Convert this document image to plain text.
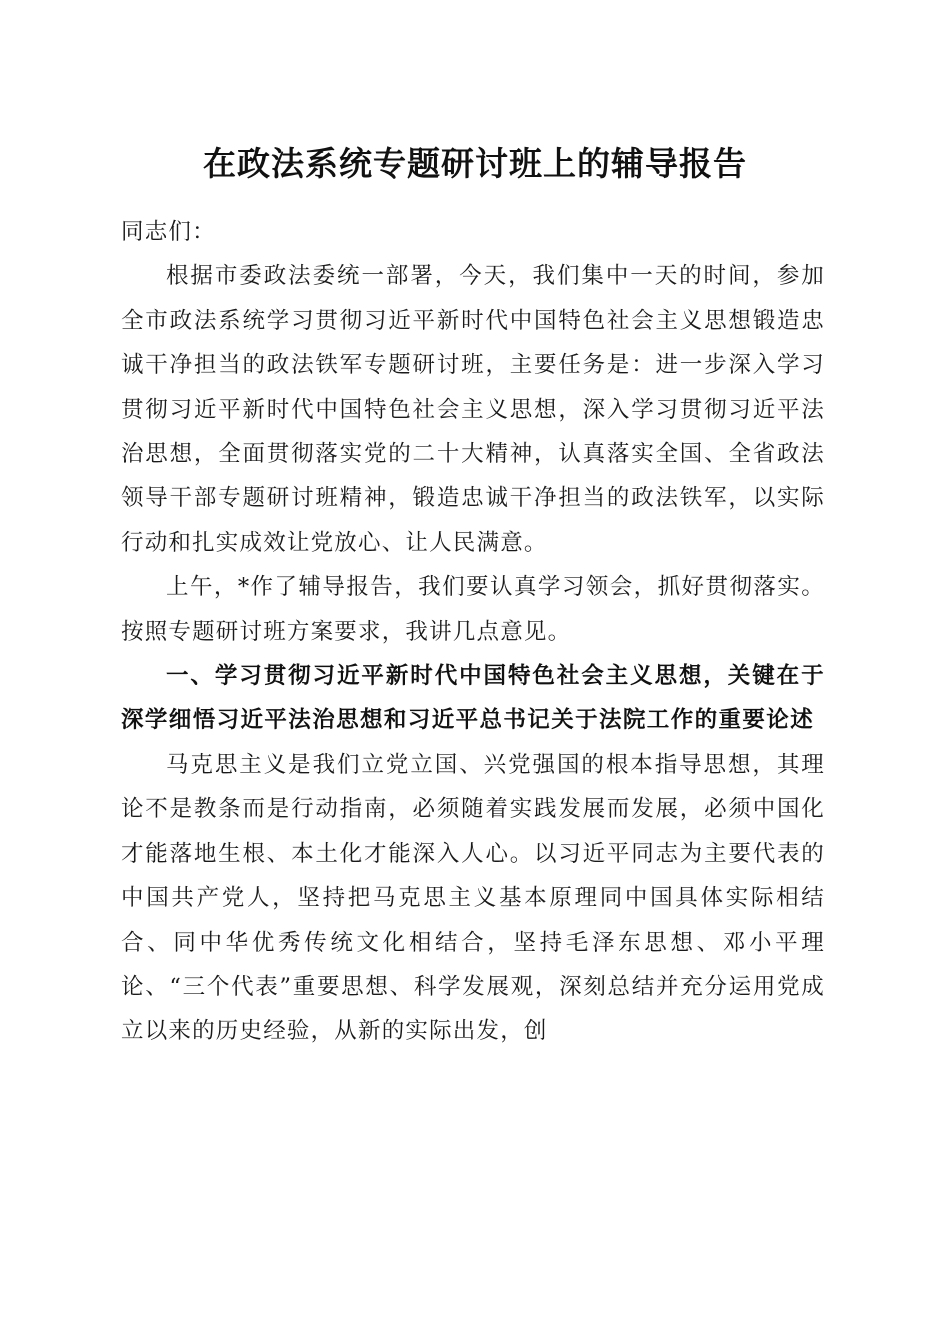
在政法系统专题研讨班上的辅导报告

同志们：

根据市委政法委统一部署，今天，我们集中一天的时间，参加全市政法系统学习贯彻习近平新时代中国特色社会主义思想锻造忠诚干净担当的政法铁军专题研讨班，主要任务是：进一步深入学习贯彻习近平新时代中国特色社会主义思想，深入学习贯彻习近平法治思想，全面贯彻落实党的二十大精神，认真落实全国、全省政法领导干部专题研讨班精神，锻造忠诚干净担当的政法铁军，以实际行动和扎实成效让党放心、让人民满意。

上午，*作了辅导报告，我们要认真学习领会，抓好贯彻落实。按照专题研讨班方案要求，我讲几点意见。

一、学习贯彻习近平新时代中国特色社会主义思想，关键在于深学细悟习近平法治思想和习近平总书记关于法院工作的重要论述

马克思主义是我们立党立国、兴党强国的根本指导思想，其理论不是教条而是行动指南，必须随着实践发展而发展，必须中国化才能落地生根、本土化才能深入人心。以习近平同志为主要代表的中国共产党人，坚持把马克思主义基本原理同中国具体实际相结合、同中华优秀传统文化相结合，坚持毛泽东思想、邓小平理论、“三个代表”重要思想、科学发展观，深刻总结并充分运用党成立以来的历史经验，从新的实际出发，创
